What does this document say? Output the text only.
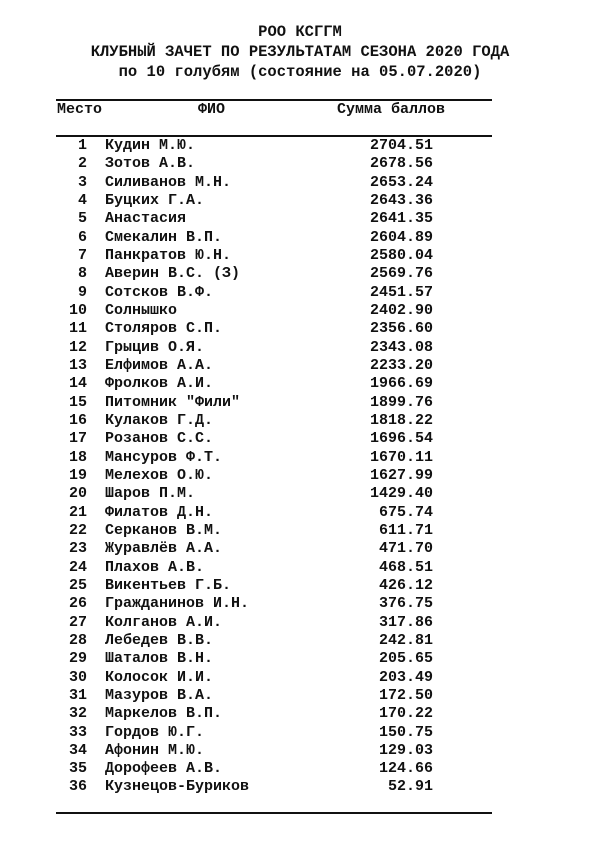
РОО КСГГМ
КЛУБНЫЙ ЗАЧЕТ ПО РЕЗУЛЬТАТАМ СЕЗОНА 2020 ГОДА
по 10 голубям (состояние на 05.07.2020)
Место	ФИО	Сумма баллов
1 Кудин М.Ю.	2704.51
2 Зотов А.В.	2678.56
3 Силиванов М.Н.	2653.24
4 Буцких Г.А.	2643.36
5 Анастасия	2641.35
6 Смекалин В.П.	2604.89
7 Панкратов Ю.Н.	2580.04
8 Аверин В.С. (З)	2569.76
9 Сотсков В.Ф.	2451.57
10 Солнышко	2402.90
11 Столяров С.П.	2356.60
12 Грыцив О.Я.	2343.08
13 Елфимов А.А.	2233.20
14 Фролков А.И.	1966.69
15 Питомник "Фили"	1899.76
16 Кулаков Г.Д.	1818.22
17 Розанов С.С.	1696.54
18 Мансуров Ф.Т.	1670.11
19 Мелехов О.Ю.	1627.99
20 Шаров П.М.	1429.40
21 Филатов Д.Н.	675.74
22 Серканов В.М.	611.71
23 Журавлёв А.А.	471.70
24 Плахов А.В.	468.51
25 Викентьев Г.Б.	426.12
26 Гражданинов И.Н.	376.75
27 Колганов А.И.	317.86
28 Лебедев В.В.	242.81
29 Шаталов В.Н.	205.65
30 Колосок И.И.	203.49
31 Мазуров В.А.	172.50
32 Маркелов В.П.	170.22
33 Гордов Ю.Г.	150.75
34 Афонин М.Ю.	129.03
35 Дорофеев А.В.	124.66
36 Кузнецов-Буриков	52.91
